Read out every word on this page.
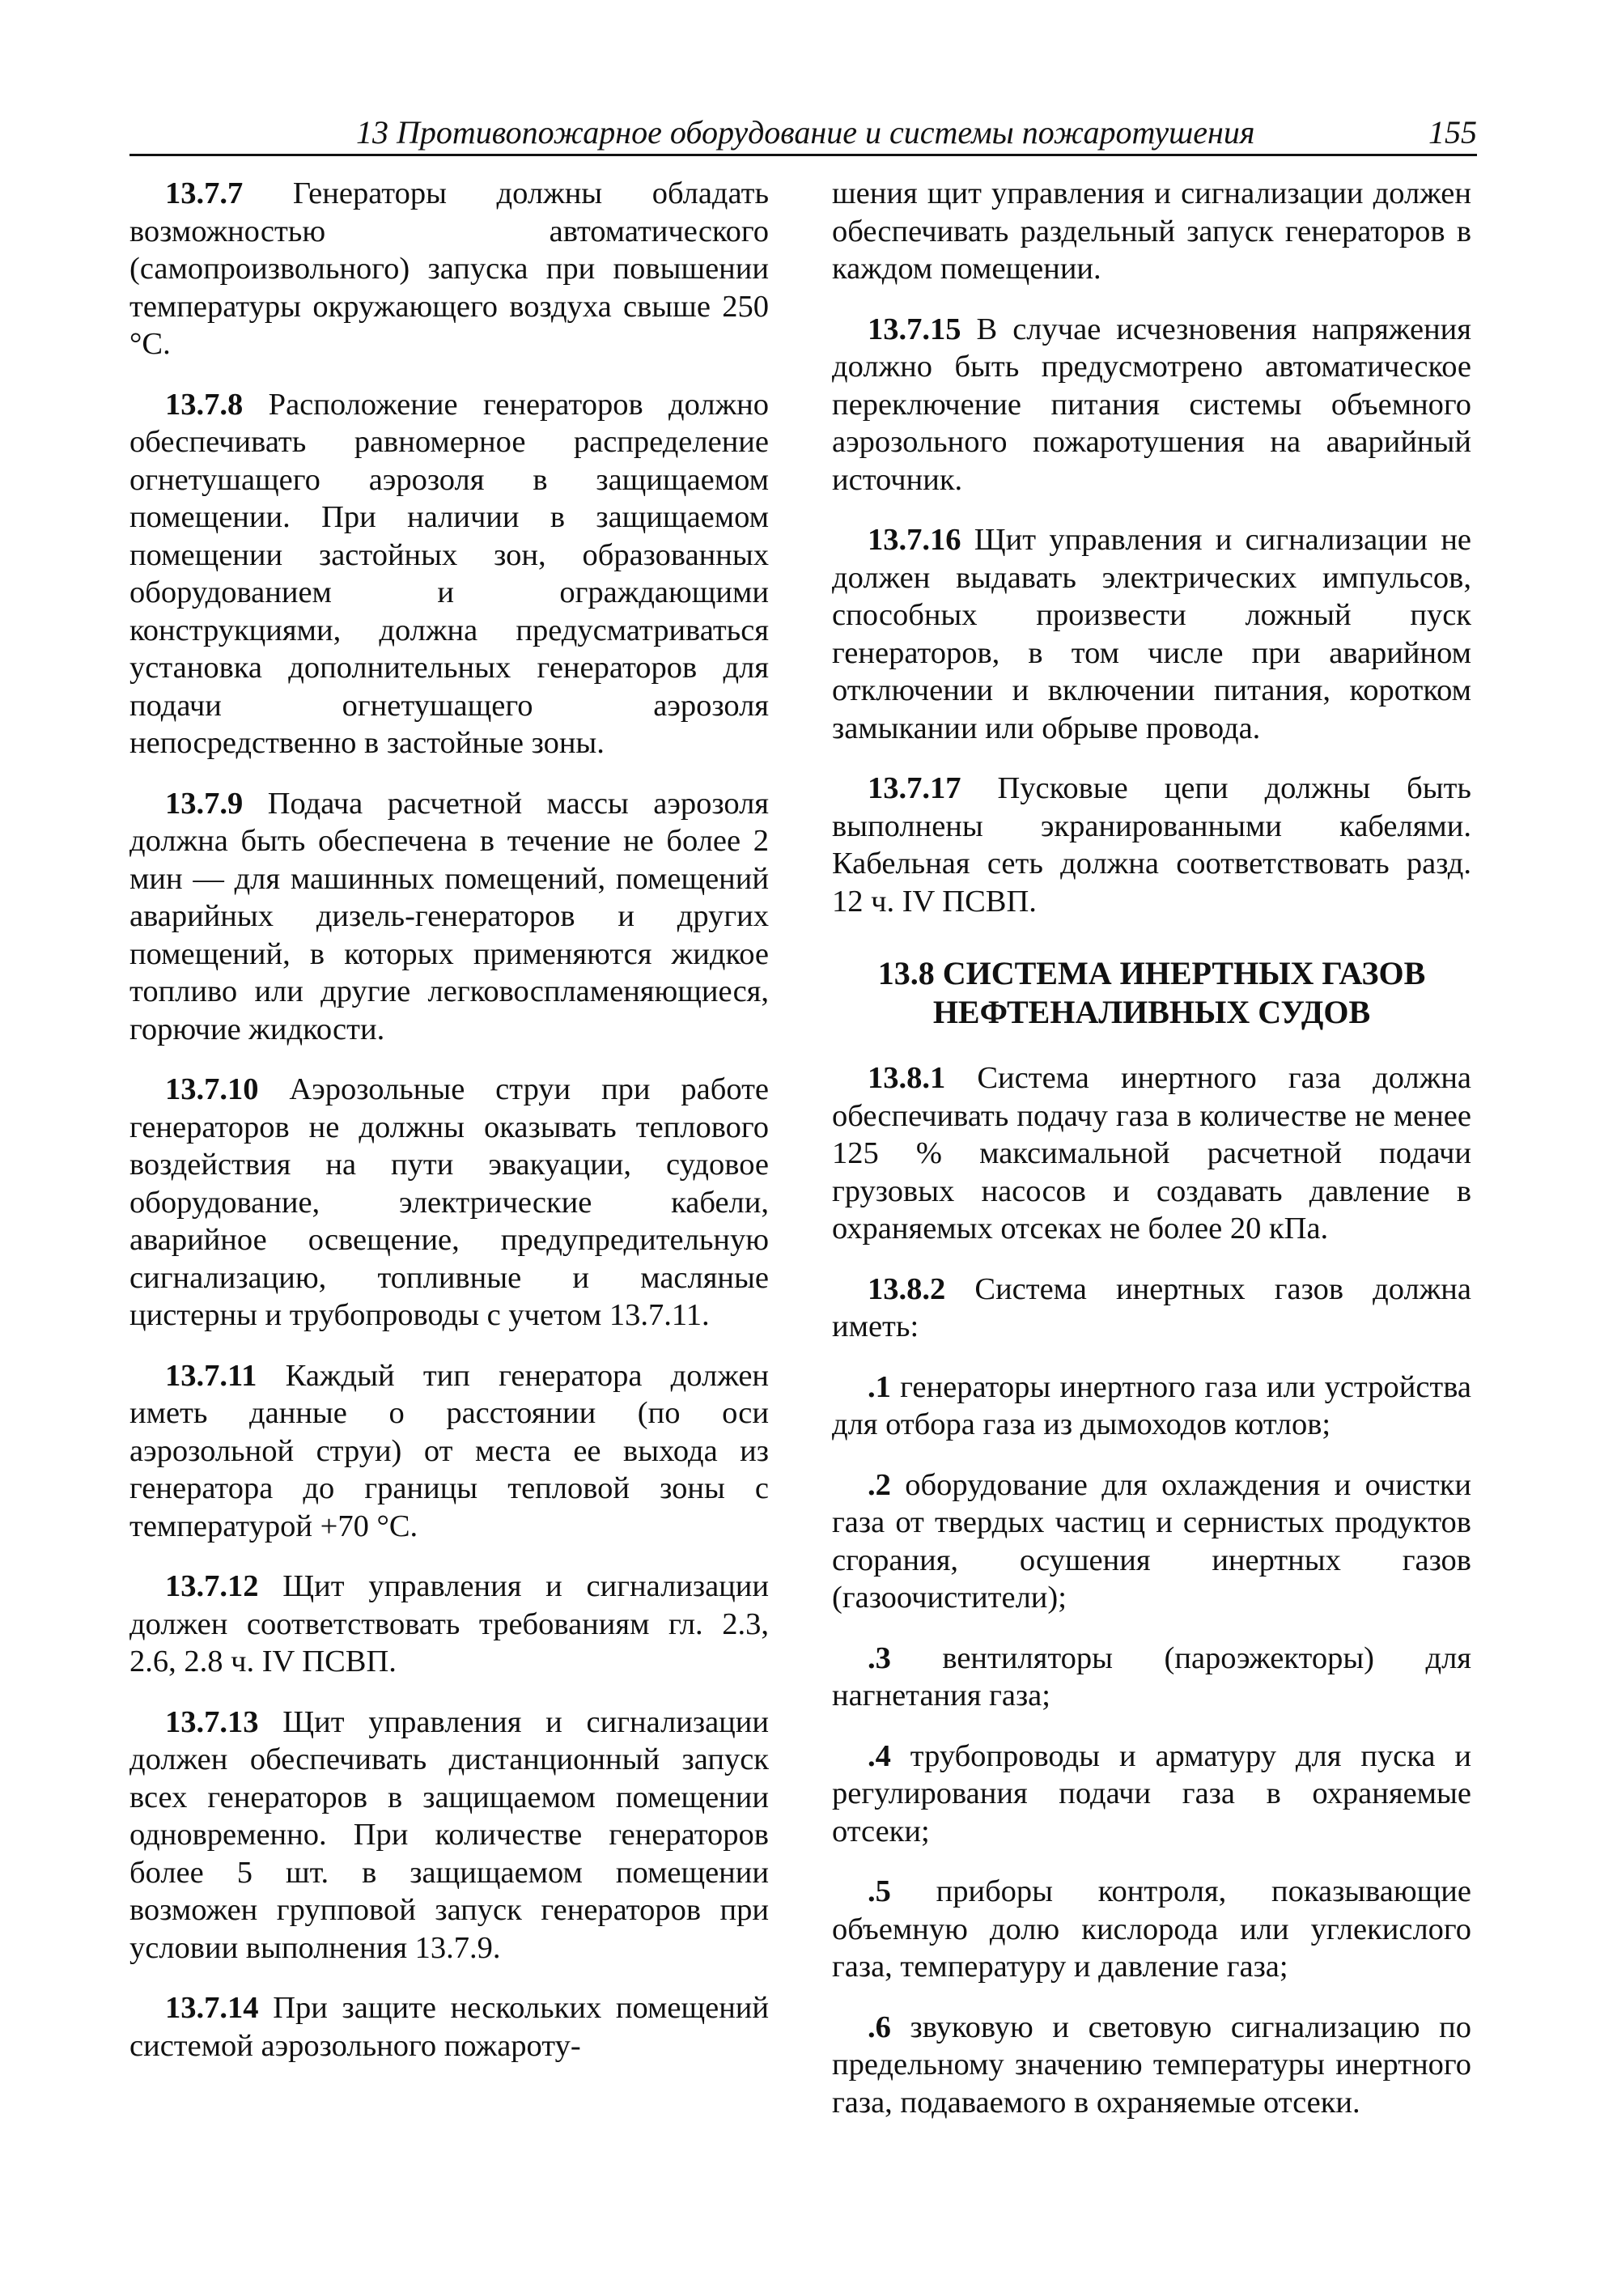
13 Противопожарное оборудование и системы пожаротушения	155

13.7.7 Генераторы должны обладать возможностью автоматического (самопроизвольного) запуска при повышении температуры окружающего воздуха свыше 250 °С.

13.7.8 Расположение генераторов должно обеспечивать равномерное распределение огнетушащего аэрозоля в защищаемом помещении. При наличии в защищаемом помещении застойных зон, образованных оборудованием и ограждающими конструкциями, должна предусматриваться установка дополнительных генераторов для подачи огнетушащего аэрозоля непосредственно в застойные зоны.

13.7.9 Подача расчетной массы аэрозоля должна быть обеспечена в течение не более 2 мин — для машинных помещений, помещений аварийных дизель-генераторов и других помещений, в которых применяются жидкое топливо или другие легковоспламеняющиеся, горючие жидкости.

13.7.10 Аэрозольные струи при работе генераторов не должны оказывать теплового воздействия на пути эвакуации, судовое оборудование, электрические кабели, аварийное освещение, предупредительную сигнализацию, топливные и масляные цистерны и трубопроводы с учетом 13.7.11.

13.7.11 Каждый тип генератора должен иметь данные о расстоянии (по оси аэрозольной струи) от места ее выхода из генератора до границы тепловой зоны с температурой +70 °С.

13.7.12 Щит управления и сигнализации должен соответствовать требованиям гл. 2.3, 2.6, 2.8 ч. IV ПСВП.

13.7.13 Щит управления и сигнализации должен обеспечивать дистанционный запуск всех генераторов в защищаемом помещении одновременно. При количестве генераторов более 5 шт. в защищаемом помещении возможен групповой запуск генераторов при условии выполнения 13.7.9.

13.7.14 При защите нескольких помещений системой аэрозольного пожароту-

шения щит управления и сигнализации должен обеспечивать раздельный запуск генераторов в каждом помещении.

13.7.15 В случае исчезновения напряжения должно быть предусмотрено автоматическое переключение питания системы объемного аэрозольного пожаротушения на аварийный источник.

13.7.16 Щит управления и сигнализации не должен выдавать электрических импульсов, способных произвести ложный пуск генераторов, в том числе при аварийном отключении и включении питания, коротком замыкании или обрыве провода.

13.7.17 Пусковые цепи должны быть выполнены экранированными кабелями. Кабельная сеть должна соответствовать разд. 12 ч. IV ПСВП.

13.8 СИСТЕМА ИНЕРТНЫХ ГАЗОВ
НЕФТЕНАЛИВНЫХ СУДОВ

13.8.1 Система инертного газа должна обеспечивать подачу газа в количестве не менее 125 % максимальной расчетной подачи грузовых насосов и создавать давление в охраняемых отсеках не более 20 кПа.

13.8.2 Система инертных газов должна иметь:

.1 генераторы инертного газа или устройства для отбора газа из дымоходов котлов;

.2 оборудование для охлаждения и очистки газа от твердых частиц и сернистых продуктов сгорания, осушения инертных газов (газоочистители);

.3 вентиляторы (пароэжекторы) для нагнетания газа;

.4 трубопроводы и арматуру для пуска и регулирования подачи газа в охраняемые отсеки;

.5 приборы контроля, показывающие объемную долю кислорода или углекислого газа, температуру и давление газа;

.6 звуковую и световую сигнализацию по предельному значению температуры инертного газа, подаваемого в охраняемые отсеки.
